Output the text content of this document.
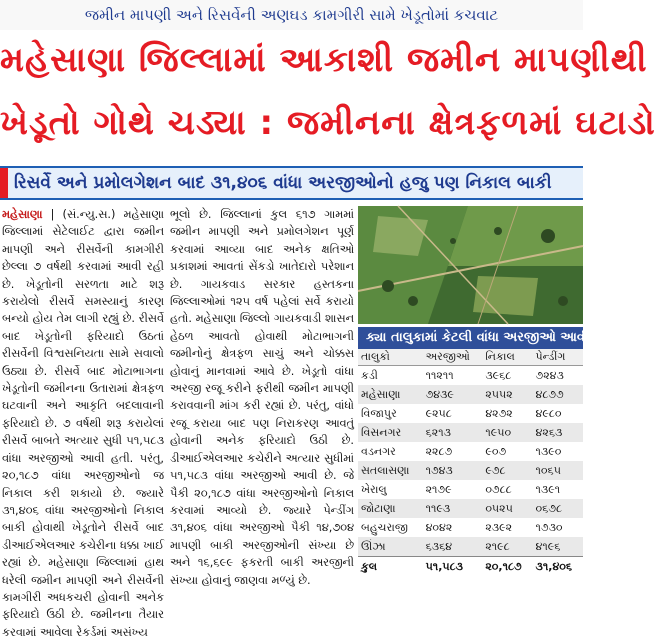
જમીન માપણી અને રિસર્વેની અણઘડ કામગીરી સામે ખેડૂતોમાં કચવાટ
મહેસાણા જિલ્લામાં આકાશી જમીન માપણીથી
ખેડૂતો ગોથે ચડ્યા : જમીનના ક્ષેત્રફળમાં ઘટાડો
રિસર્વે અને પ્રમોલગેશન બાદ ૩૧,૪૦૬ વાંધા અરજીઓનો હજુ પણ નિકાલ બાકી

મહેસાણા | (સં.ન્યુ.સ.) મહેસાણા જિલ્લામાં સેટેલાઈટ દ્વારા જમીન માપણી અને રીસર્વેની કામગીરી છેલ્લા ૭ વર્ષથી કરવામાં આવી રહી છે. ખેડૂતોની સરળતા માટે શરૂ કરાયેલો રીસર્વે સમસ્યાનું કારણ બન્યો હોય તેમ લાગી રહ્યું છે. રીસર્વે બાદ ખેડૂતોની ફરિયાદો ઉઠતાં રીસર્વેની વિશ્વસનિયતા સામે સવાલો ઉઠ્યા છે. રીસર્વે બાદ મોટાભાગના ખેડૂતોની જમીનના ઉતારામાં ક્ષેત્રફળ ઘટવાની અને આકૃતિ બદલાવાની ફરિયાદો છે. ૭ વર્ષથી શરૂ કરાયેલાં રીસર્વે બાબતે અત્યાર સુધી ૫૧,૫૮૩ વાંધા અરજીઓ આવી હતી. પરંતુ, ૨૦,૧૮૭ વાંધા અરજીઓનો જ નિકાલ કરી શકાયો છે. જ્યારે ૩૧,૪૦૬ વાંધા અરજીઓનો નિકાલ બાકી હોવાથી ખેડૂતોને રીસર્વે બાદ ડીઆઈએલઆર કચેરીના ધક્કા ખાઈ રહ્યાં છે. મહેસાણા જિલ્લામાં હાથ ધરેલી જમીન માપણી અને રીસર્વેની કામગીરી અધકચરી હોવાની અનેક ફરિયાદો ઉઠી છે. જમીનના તૈયાર કરવામાં આવેલા રેકર્ડમાં અસંખ્ય

ભૂલો છે. જિલ્લાનાં કુલ ૬૧૭ ગામમાં જમીન માપણી અને પ્રમોલગેશન પૂર્ણ કરવામાં આવ્યા બાદ અનેક ક્ષતિઓ પ્રકાશમાં આવતાં સેંકડો ખાતેદારો પરેશાન છે. ગાયકવાડ સરકાર હસ્તકના જિલ્લાઓમાં ૧૨૫ વર્ષ પહેલાં સર્વે કરાયો હતો. મહેસાણા જિલ્લો ગાયકવાડી શાસન હેઠળ આવતો હોવાથી મોટાભાગની જમીનોનું ક્ષેત્રફળ સાચું અને ચોક્કસ હોવાનું માનવામાં આવે છે. ખેડૂતો વાંધા અરજી રજૂ કરીને ફરીથી જમીન માપણી કરાવવાની માંગ કરી રહ્યાં છે. પરંતુ, વાંધો રજૂ કરાયા બાદ પણ નિરાકરણ આવતું હોવાની અનેક ફરિયાદો ઉઠી છે. ડીઆઈએલઆર કચેરીને અત્યાર સુધીમાં ૫૧,૫૮૩ વાંધા અરજીઓ આવી છે. જે પૈકી ૨૦,૧૮૭ વાંધા અરજીઓનો નિકાલ કરવામાં આવ્યો છે. જ્યારે પેન્ડીંગ ૩૧,૪૦૬ વાંધા અરજીઓ પૈકી ૧૪,૭૦૪ માપણી બાકી અરજીઓની સંખ્યા છે અને ૧૬,૬૯૯ ફકરતી બાકી અરજીની સંખ્યા હોવાનું જાણવા મળ્યું છે.

ક્યા તાલુકામાં કેટલી વાંધા અરજીઓ આવી ?
તાલુકો	અરજીઓ	નિકાલ	પેન્ડીંગ
કડી	૧૧૨૧૧	૩૯૬૮	૭૨૪૩
મહેસાણા	૭૪૩૯	૨૫૫૨	૪૮૭૭
વિજાપુર	૯૨૫૮	૪૨૭૨	૪૯૮૦
વિસનગર	૬૨૧૩	૧૯૫૦	૪૨૬૩
વડનગર	૨૨૮૭	૯૦૭	૧૩૯૦
સતલાસણા	૧૭૪૩	૯૭૮	૧૦૬૫
ખેરાલુ	૨૧૭૯	૦૭૮૮	૧૩૯૧
જોટાણા	૧૧૯૩	૦૫૨૫	૦૬૭૮
બહુચરાજી	૪૦૪૨	૨૩૯૨	૧૭૩૦
ઊંઝા	૬૩૬૪	૨૧૯૮	૪૧૯૬
કુલ	૫૧,૫૮૩	૨૦,૧૮૭	૩૧,૪૦૬
